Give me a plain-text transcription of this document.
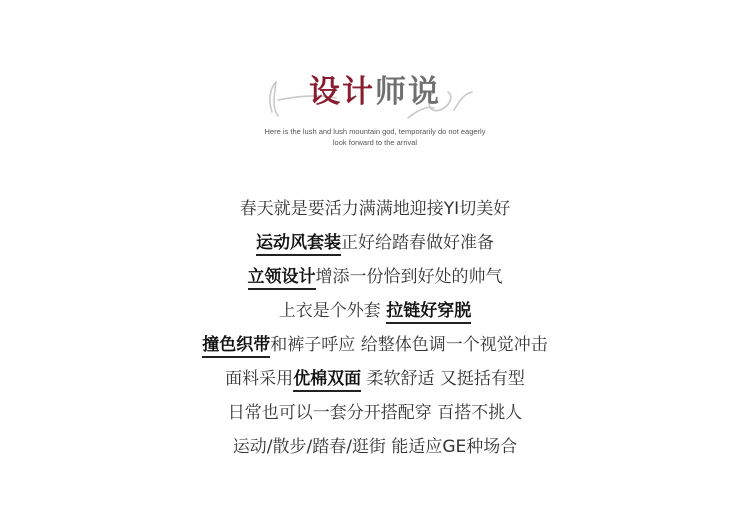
设计师说
Here is the lush and lush mountain god, temporarily do not eagerly
look forward to the arrival
春天就是要活力满满地迎接YI切美好
运动风套装正好给踏春做好准备
立领设计增添一份恰到好处的帅气
上衣是个外套 拉链好穿脱
撞色织带和裤子呼应 给整体色调一个视觉冲击
面料采用优棉双面 柔软舒适 又挺括有型
日常也可以一套分开搭配穿 百搭不挑人
运动/散步/踏春/逛街 能适应GE种场合
